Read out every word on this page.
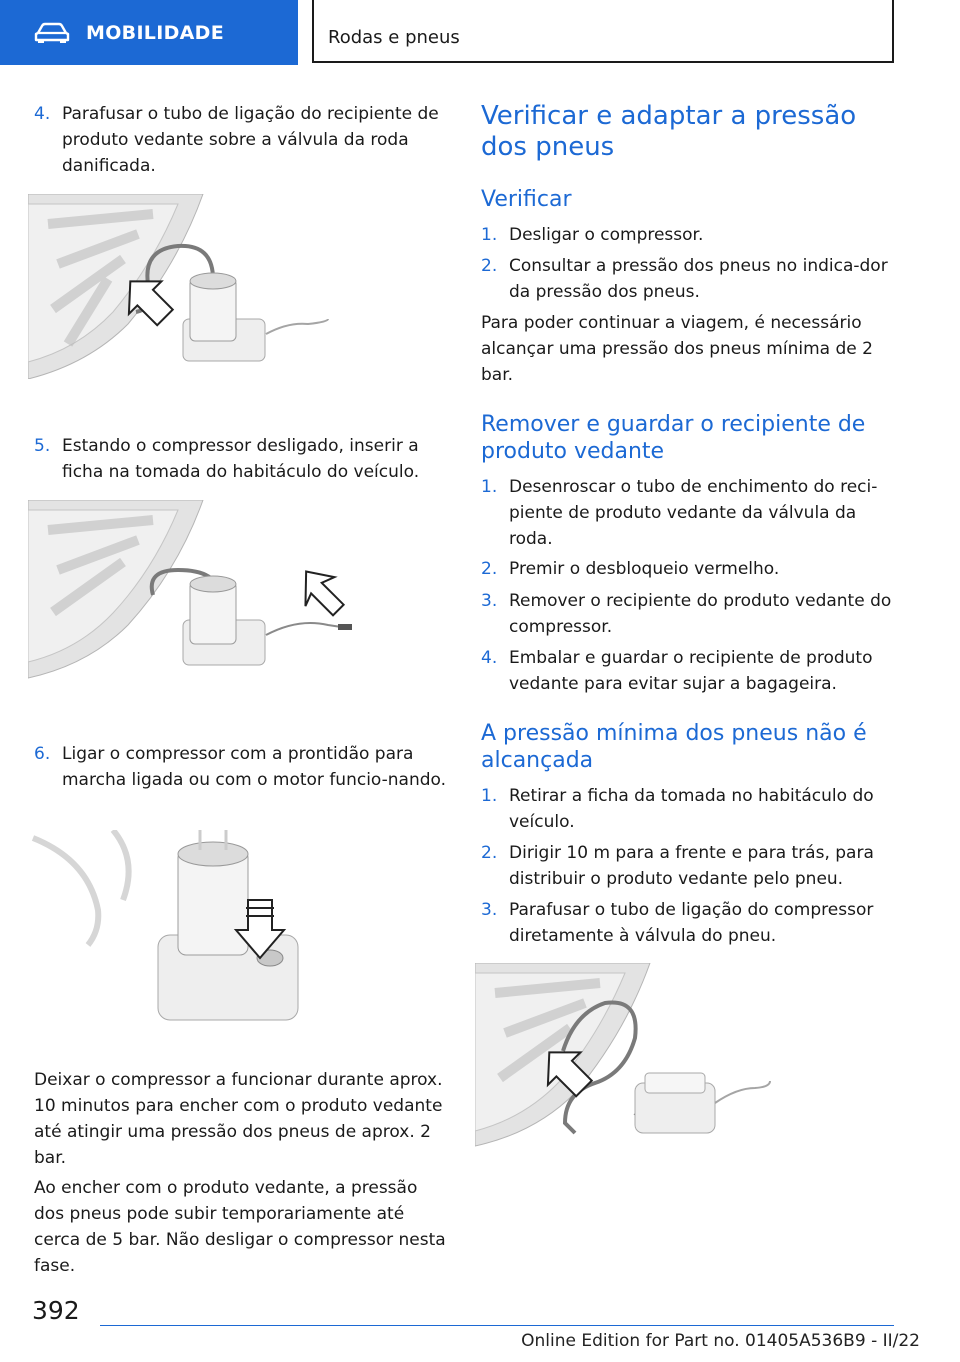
MOBILIDADE	Rodas e pneus
4. Parafusar o tubo de ligação do recipiente de produto vedante sobre a válvula da roda danificada.
5. Estando o compressor desligado, inserir a ficha na tomada do habitáculo do veículo.
6. Ligar o compressor com a prontidão para marcha ligada ou com o motor funcio-nando.
Deixar o compressor a funcionar durante aprox. 10 minutos para encher com o produto vedante até atingir uma pressão dos pneus de aprox. 2 bar.
Ao encher com o produto vedante, a pressão dos pneus pode subir temporariamente até cerca de 5 bar. Não desligar o compressor nesta fase.
Verificar e adaptar a pressão dos pneus
Verificar
1. Desligar o compressor.
2. Consultar a pressão dos pneus no indica-dor da pressão dos pneus.
Para poder continuar a viagem, é necessário alcançar uma pressão dos pneus mínima de 2 bar.
Remover e guardar o recipiente de produto vedante
1. Desenroscar o tubo de enchimento do reci-piente de produto vedante da válvula da roda.
2. Premir o desbloqueio vermelho.
3. Remover o recipiente do produto vedante do compressor.
4. Embalar e guardar o recipiente de produto vedante para evitar sujar a bagageira.
A pressão mínima dos pneus não é alcançada
1. Retirar a ficha da tomada no habitáculo do veículo.
2. Dirigir 10 m para a frente e para trás, para distribuir o produto vedante pelo pneu.
3. Parafusar o tubo de ligação do compressor diretamente à válvula do pneu.
392
Online Edition for Part no. 01405A536B9 - II/22
